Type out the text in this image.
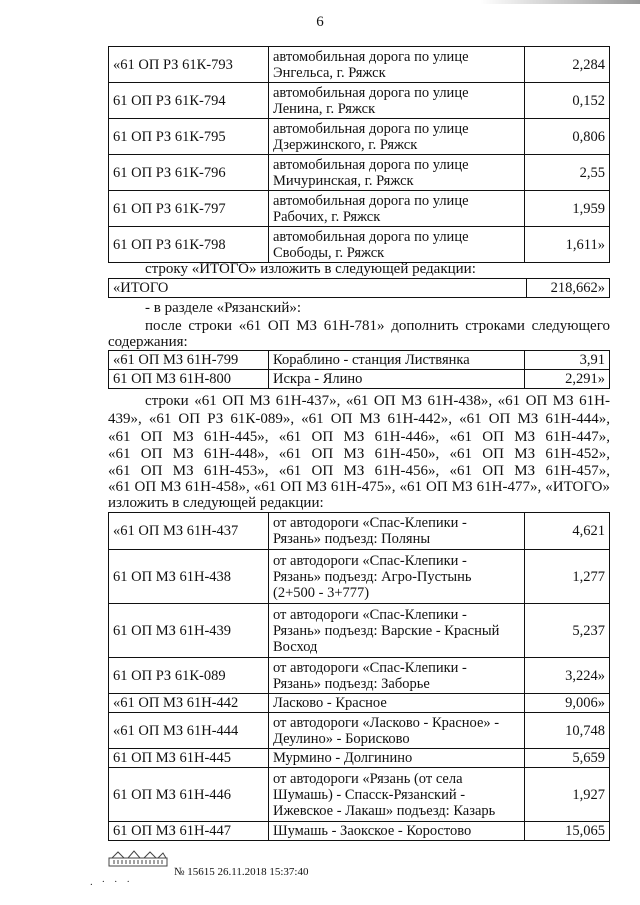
6
«61 ОП РЗ 61К-793	автомобильная дорога по улице
Энгельса, г. Ряжск	2,284
61 ОП РЗ 61К-794	автомобильная дорога по улице
Ленина, г. Ряжск	0,152
61 ОП РЗ 61К-795	автомобильная дорога по улице
Дзержинского, г. Ряжск	0,806
61 ОП РЗ 61К-796	автомобильная дорога по улице
Мичуринская, г. Ряжск	2,55
61 ОП РЗ 61К-797	автомобильная дорога по улице
Рабочих, г. Ряжск	1,959
61 ОП РЗ 61К-798	автомобильная дорога по улице
Свободы, г. Ряжск	1,611»

строку «ИТОГО» изложить в следующей редакции:

«ИТОГО	218,662»

- в разделе «Рязанский»:

после строки «61 ОП МЗ 61Н-781» дополнить строками следующего

содержания:

«61 ОП МЗ 61Н-799	Кораблино - станция Листвянка	3,91
61 ОП МЗ 61Н-800	Искра - Ялино	2,291»

строки «61 ОП МЗ 61Н-437», «61 ОП МЗ 61Н-438», «61 ОП МЗ 61Н-

439», «61 ОП РЗ 61К-089», «61 ОП МЗ 61Н-442», «61 ОП МЗ 61Н-444»,

«61 ОП МЗ 61Н-445», «61 ОП МЗ 61Н-446», «61 ОП МЗ 61Н-447»,

«61 ОП МЗ 61Н-448», «61 ОП МЗ 61Н-450», «61 ОП МЗ 61Н-452»,

«61 ОП МЗ 61Н-453», «61 ОП МЗ 61Н-456», «61 ОП МЗ 61Н-457»,

«61 ОП МЗ 61Н-458», «61 ОП МЗ 61Н-475», «61 ОП МЗ 61Н-477», «ИТОГО»

изложить в следующей редакции:

«61 ОП МЗ 61Н-437	от автодороги «Спас-Клепики -
Рязань» подъезд: Поляны	4,621
61 ОП МЗ 61Н-438	от автодороги «Спас-Клепики -
Рязань» подъезд: Агро-Пустынь
(2+500 - 3+777)	1,277
61 ОП МЗ 61Н-439	от автодороги «Спас-Клепики -
Рязань» подъезд: Варские - Красный
Восход	5,237
61 ОП РЗ 61К-089	от автодороги «Спас-Клепики -
Рязань» подъезд: Заборье	3,224»
«61 ОП МЗ 61Н-442	Ласково - Красное	9,006»
«61 ОП МЗ 61Н-444	от автодороги «Ласково - Красное» -
Деулино» - Борисково	10,748
61 ОП МЗ 61Н-445	Мурмино - Долгинино	5,659
61 ОП МЗ 61Н-446	от автодороги «Рязань (от села
Шумашь) - Спасск-Рязанский -
Ижевское - Лакаш» подъезд: Казарь	1,927
61 ОП МЗ 61Н-447	Шумашь - Заокское - Коростово	15,065
№ 15615 26.11.2018 15:37:40
. · · ·
